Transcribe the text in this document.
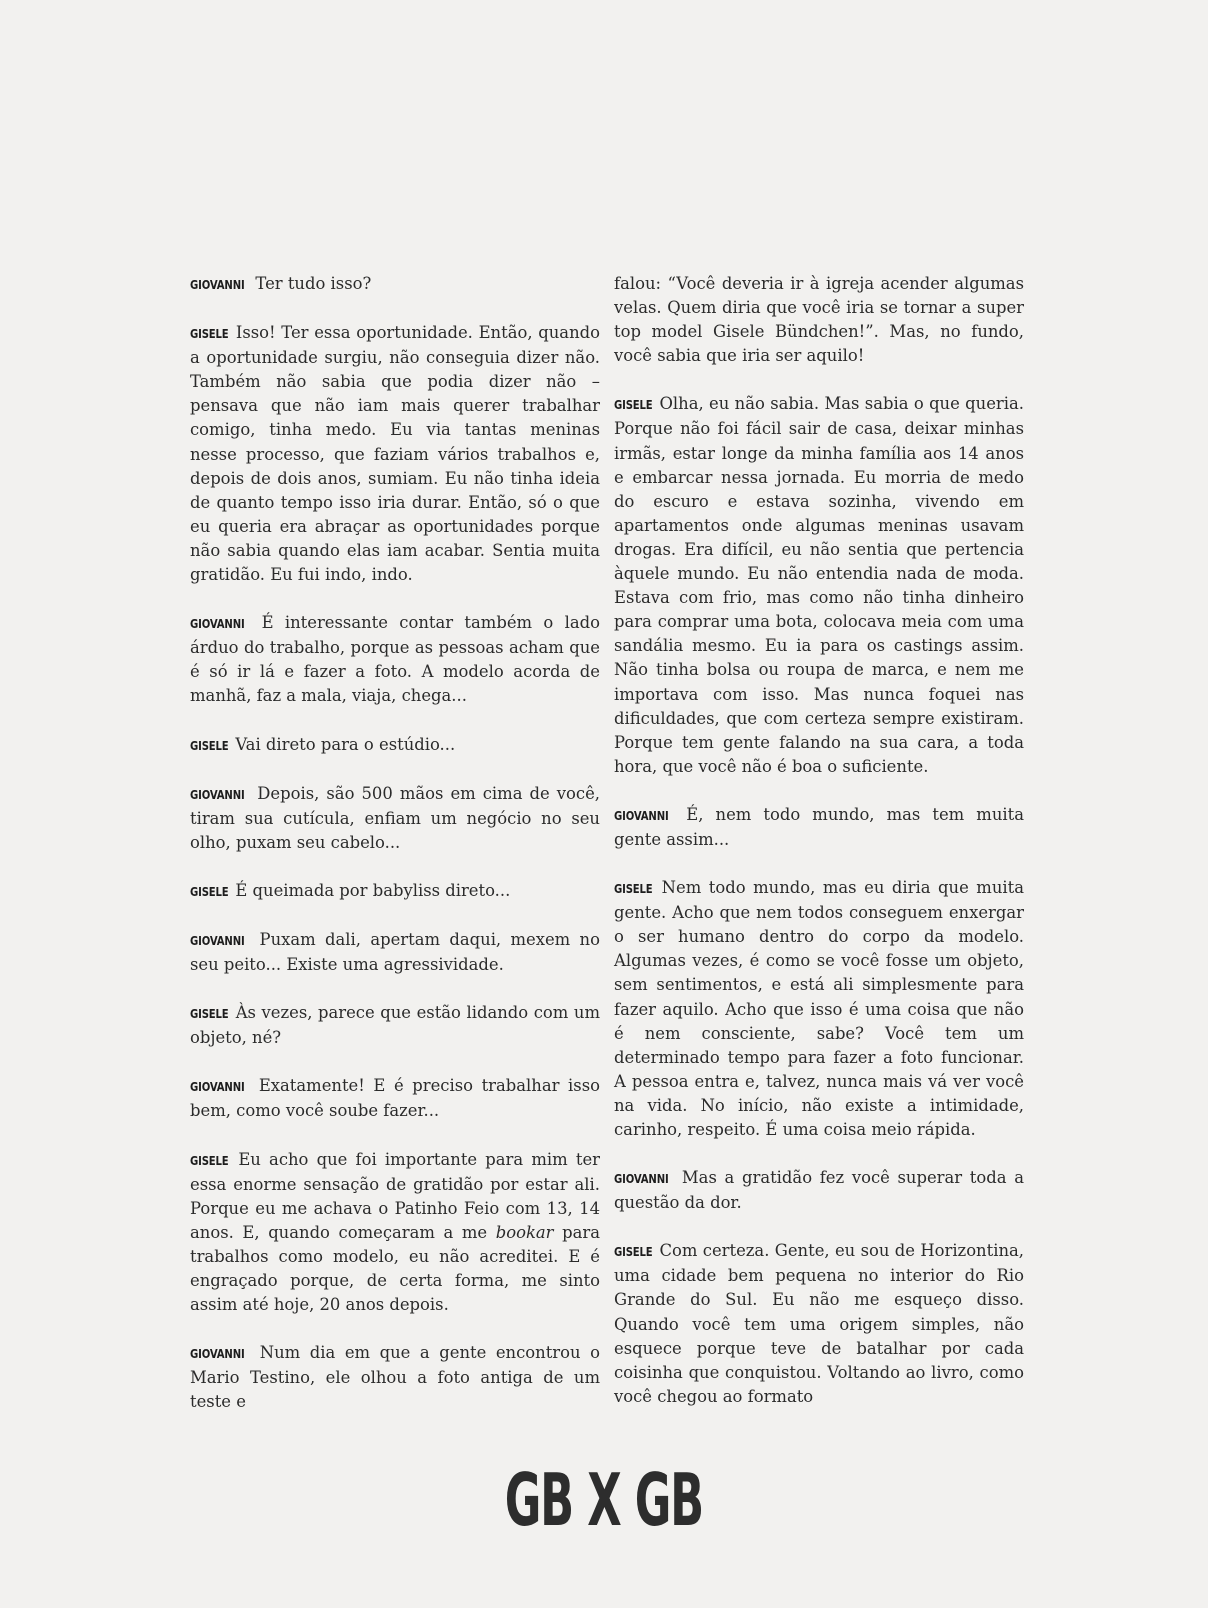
GIOVANNI Ter tudo isso?

GISELE Isso! Ter essa oportunidade. Então, quando a oportunidade surgiu, não conseguia dizer não. Também não sabia que podia dizer não – pensava que não iam mais querer trabalhar comigo, tinha medo. Eu via tantas meninas nesse processo, que faziam vários trabalhos e, depois de dois anos, sumiam. Eu não tinha ideia de quanto tempo isso iria durar. Então, só o que eu queria era abraçar as oportunidades porque não sabia quando elas iam acabar. Sentia muita gratidão. Eu fui indo, indo.

GIOVANNI É interessante contar também o lado árduo do trabalho, porque as pessoas acham que é só ir lá e fazer a foto. A modelo acorda de manhã, faz a mala, viaja, chega...

GISELE Vai direto para o estúdio...

GIOVANNI Depois, são 500 mãos em cima de você, tiram sua cutícula, enfiam um negócio no seu olho, puxam seu cabelo...

GISELE É queimada por babyliss direto...

GIOVANNI Puxam dali, apertam daqui, mexem no seu peito... Existe uma agressividade.

GISELE Às vezes, parece que estão lidando com um objeto, né?

GIOVANNI Exatamente! E é preciso trabalhar isso bem, como você soube fazer...

GISELE Eu acho que foi importante para mim ter essa enorme sensação de gratidão por estar ali. Porque eu me achava o Patinho Feio com 13, 14 anos. E, quando começaram a me bookar para trabalhos como modelo, eu não acreditei. E é engraçado porque, de certa forma, me sinto assim até hoje, 20 anos depois.

GIOVANNI Num dia em que a gente encontrou o Mario Testino, ele olhou a foto antiga de um teste e

falou: “Você deveria ir à igreja acender algumas velas. Quem diria que você iria se tornar a super top model Gisele Bündchen!”. Mas, no fundo, você sabia que iria ser aquilo!

GISELE Olha, eu não sabia. Mas sabia o que queria. Porque não foi fácil sair de casa, deixar minhas irmãs, estar longe da minha família aos 14 anos e embarcar nessa jornada. Eu morria de medo do escuro e estava sozinha, vivendo em apartamentos onde algumas meninas usavam drogas. Era difícil, eu não sentia que pertencia àquele mundo. Eu não entendia nada de moda. Estava com frio, mas como não tinha dinheiro para comprar uma bota, colocava meia com uma sandália mesmo. Eu ia para os castings assim. Não tinha bolsa ou roupa de marca, e nem me importava com isso. Mas nunca foquei nas dificuldades, que com certeza sempre existiram. Porque tem gente falando na sua cara, a toda hora, que você não é boa o suficiente.

GIOVANNI É, nem todo mundo, mas tem muita gente assim...

GISELE Nem todo mundo, mas eu diria que muita gente. Acho que nem todos conseguem enxergar o ser humano dentro do corpo da modelo. Algumas vezes, é como se você fosse um objeto, sem sentimentos, e está ali simplesmente para fazer aquilo. Acho que isso é uma coisa que não é nem consciente, sabe? Você tem um determinado tempo para fazer a foto funcionar. A pessoa entra e, talvez, nunca mais vá ver você na vida. No início, não existe a intimidade, carinho, respeito. É uma coisa meio rápida.

GIOVANNI Mas a gratidão fez você superar toda a questão da dor.

GISELE Com certeza. Gente, eu sou de Horizontina, uma cidade bem pequena no interior do Rio Grande do Sul. Eu não me esqueço disso. Quando você tem uma origem simples, não esquece porque teve de batalhar por cada coisinha que conquistou. Voltando ao livro, como você chegou ao formato

GB X GB
